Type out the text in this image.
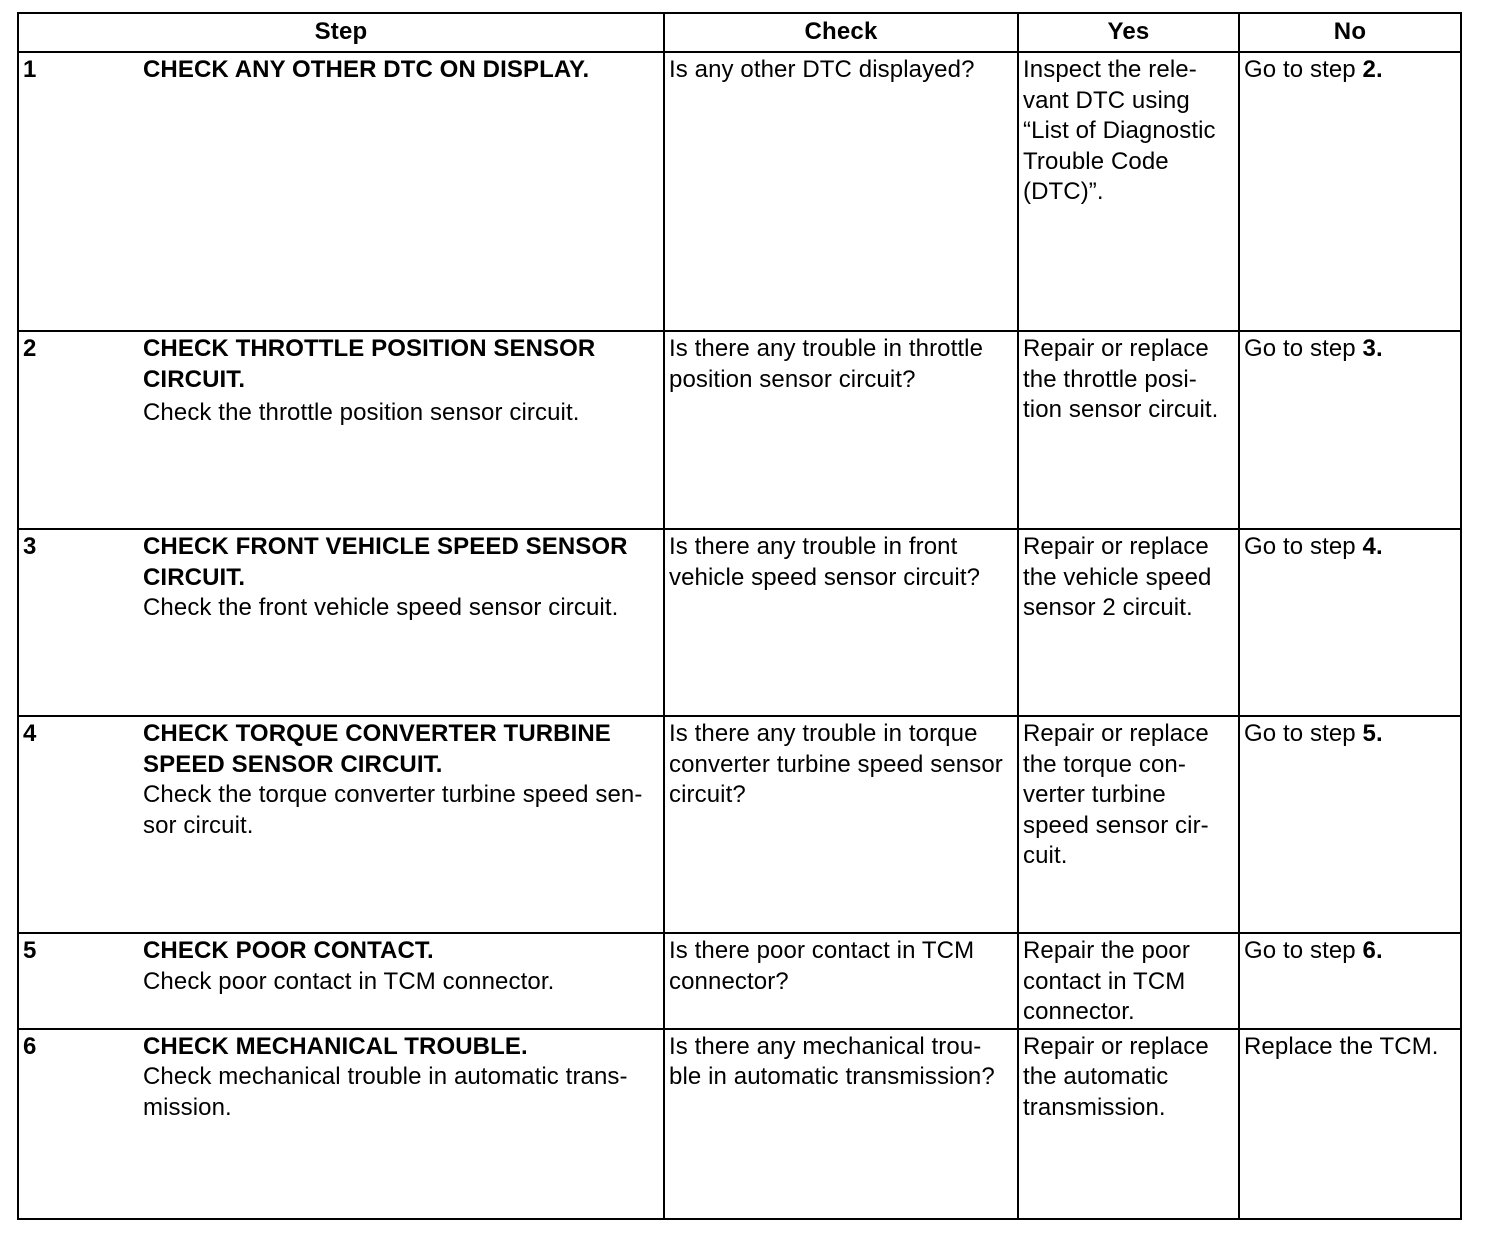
Step	Check	Yes	No

1 CHECK ANY OTHER DTC ON DISPLAY.	Is any other DTC displayed?	Inspect the rele-
vant DTC using
“List of Diagnostic
Trouble Code
(DTC)”.	Go to step 2.

2 CHECK THROTTLE POSITION SENSOR CIRCUIT.
Check the throttle position sensor circuit.	Is there any trouble in throttle position sensor circuit?	Repair or replace
the throttle posi-
tion sensor circuit.	Go to step 3.

3 CHECK FRONT VEHICLE SPEED SENSOR CIRCUIT.
Check the front vehicle speed sensor circuit.	Is there any trouble in front vehicle speed sensor circuit?	Repair or replace
the vehicle speed
sensor 2 circuit.	Go to step 4.

4 CHECK TORQUE CONVERTER TURBINE SPEED SENSOR CIRCUIT.
Check the torque converter turbine speed sen-
sor circuit.	Is there any trouble in torque converter turbine speed sensor circuit?	Repair or replace
the torque con-
verter turbine
speed sensor cir-
cuit.	Go to step 5.

5 CHECK POOR CONTACT.
Check poor contact in TCM connector.	Is there poor contact in TCM connector?	Repair the poor
contact in TCM
connector.	Go to step 6.

6 CHECK MECHANICAL TROUBLE.
Check mechanical trouble in automatic trans-
mission.	Is there any mechanical trou-
ble in automatic transmission?	Repair or replace
the automatic
transmission.	Replace the TCM.
